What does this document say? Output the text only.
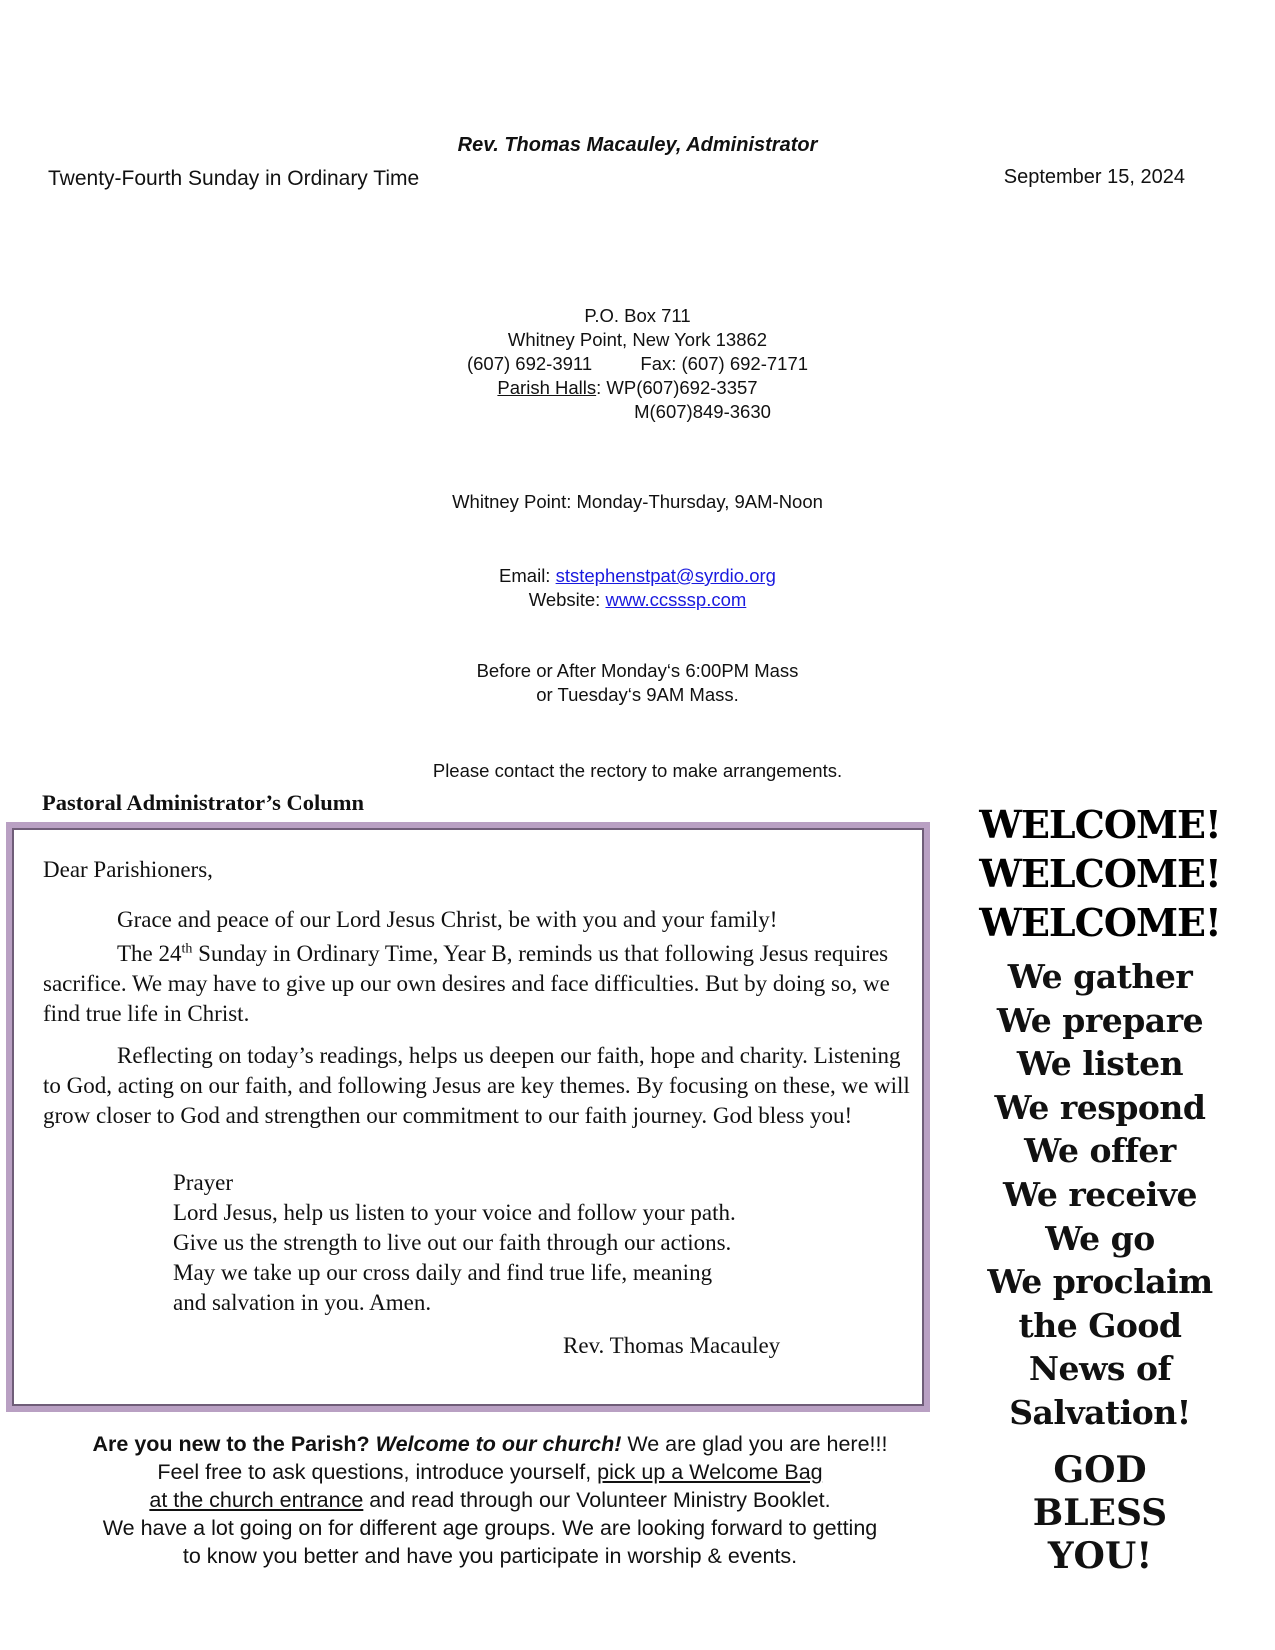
Rev. Thomas Macauley, Administrator
Twenty-Fourth Sunday in Ordinary Time	September 15, 2024
P.O. Box 711
Whitney Point, New York 13862
(607) 692-3911	Fax: (607) 692-7171
Parish Halls: WP(607)692-3357
M(607)849-3630
Whitney Point: Monday-Thursday, 9AM-Noon
Email: ststephenstpat@syrdio.org
Website: www.ccsssp.com
Before or After Monday‘s 6:00PM Mass
or Tuesday‘s 9AM Mass.
Please contact the rectory to make arrangements.
Pastoral Administrator’s Column
Dear Parishioners,
Grace and peace of our Lord Jesus Christ, be with you and your family!
The 24th Sunday in Ordinary Time, Year B, reminds us that following Jesus requires sacrifice. We may have to give up our own desires and face difficulties. But by doing so, we find true life in Christ.
Reflecting on today’s readings, helps us deepen our faith, hope and charity. Listening to God, acting on our faith, and following Jesus are key themes. By focusing on these, we will grow closer to God and strengthen our commitment to our faith journey. God bless you!
Prayer
Lord Jesus, help us listen to your voice and follow your path.
Give us the strength to live out our faith through our actions.
May we take up our cross daily and find true life, meaning
and salvation in you. Amen.
Rev. Thomas Macauley
WELCOME!
WELCOME!
WELCOME!
We gather
We prepare
We listen
We respond
We offer
We receive
We go
We proclaim
the Good
News of
Salvation!
GOD
BLESS
YOU!
Are you new to the Parish? Welcome to our church! We are glad you are here!!!
Feel free to ask questions, introduce yourself, pick up a Welcome Bag
at the church entrance and read through our Volunteer Ministry Booklet.
We have a lot going on for different age groups. We are looking forward to getting
to know you better and have you participate in worship & events.
